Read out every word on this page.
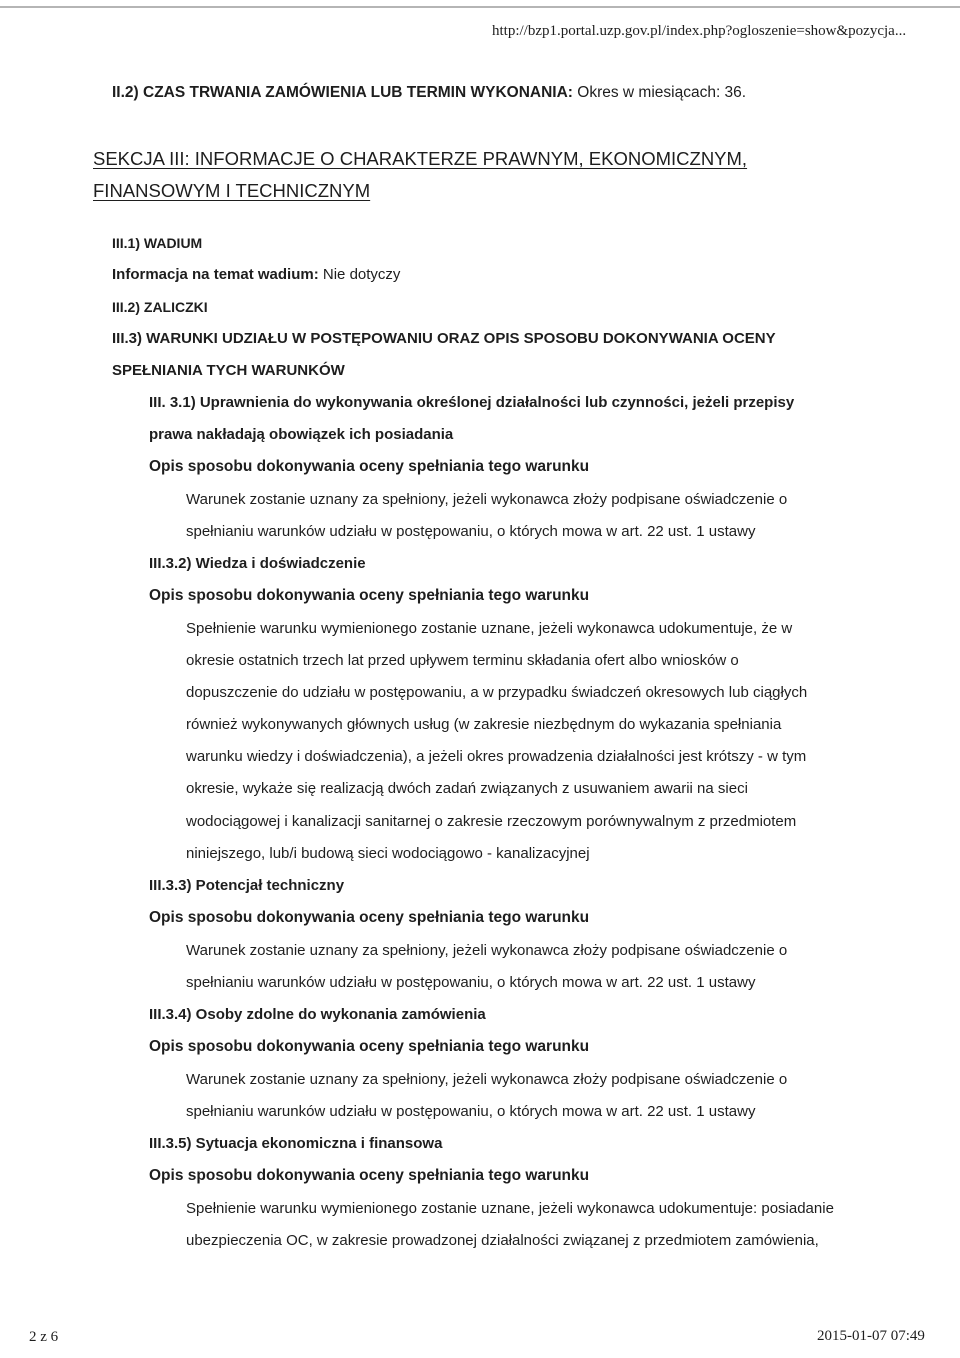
http://bzp1.portal.uzp.gov.pl/index.php?ogloszenie=show&pozycja...

II.2) CZAS TRWANIA ZAMÓWIENIA LUB TERMIN WYKONANIA: Okres w miesiącach: 36.

SEKCJA III: INFORMACJE O CHARAKTERZE PRAWNYM, EKONOMICZNYM,

FINANSOWYM I TECHNICZNYM

III.1) WADIUM

Informacja na temat wadium: Nie dotyczy

III.2) ZALICZKI

III.3) WARUNKI UDZIAŁU W POSTĘPOWANIU ORAZ OPIS SPOSOBU DOKONYWANIA OCENY

SPEŁNIANIA TYCH WARUNKÓW

III. 3.1) Uprawnienia do wykonywania określonej działalności lub czynności, jeżeli przepisy

prawa nakładają obowiązek ich posiadania

Opis sposobu dokonywania oceny spełniania tego warunku

Warunek zostanie uznany za spełniony, jeżeli wykonawca złoży podpisane oświadczenie o

spełnianiu warunków udziału w postępowaniu, o których mowa w art. 22 ust. 1 ustawy

III.3.2) Wiedza i doświadczenie

Opis sposobu dokonywania oceny spełniania tego warunku

Spełnienie warunku wymienionego zostanie uznane, jeżeli wykonawca udokumentuje, że w

okresie ostatnich trzech lat przed upływem terminu składania ofert albo wniosków o

dopuszczenie do udziału w postępowaniu, a w przypadku świadczeń okresowych lub ciągłych

również wykonywanych głównych usług (w zakresie niezbędnym do wykazania spełniania

warunku wiedzy i doświadczenia), a jeżeli okres prowadzenia działalności jest krótszy - w tym

okresie, wykaże się realizacją dwóch zadań związanych z usuwaniem awarii na sieci

wodociągowej i kanalizacji sanitarnej o zakresie rzeczowym porównywalnym z przedmiotem

niniejszego, lub/i budową sieci wodociągowo - kanalizacyjnej

III.3.3) Potencjał techniczny

Opis sposobu dokonywania oceny spełniania tego warunku

Warunek zostanie uznany za spełniony, jeżeli wykonawca złoży podpisane oświadczenie o

spełnianiu warunków udziału w postępowaniu, o których mowa w art. 22 ust. 1 ustawy

III.3.4) Osoby zdolne do wykonania zamówienia

Opis sposobu dokonywania oceny spełniania tego warunku

Warunek zostanie uznany za spełniony, jeżeli wykonawca złoży podpisane oświadczenie o

spełnianiu warunków udziału w postępowaniu, o których mowa w art. 22 ust. 1 ustawy

III.3.5) Sytuacja ekonomiczna i finansowa

Opis sposobu dokonywania oceny spełniania tego warunku

Spełnienie warunku wymienionego zostanie uznane, jeżeli wykonawca udokumentuje: posiadanie

ubezpieczenia OC, w zakresie prowadzonej działalności związanej z przedmiotem zamówienia,

2 z 6	2015-01-07 07:49
